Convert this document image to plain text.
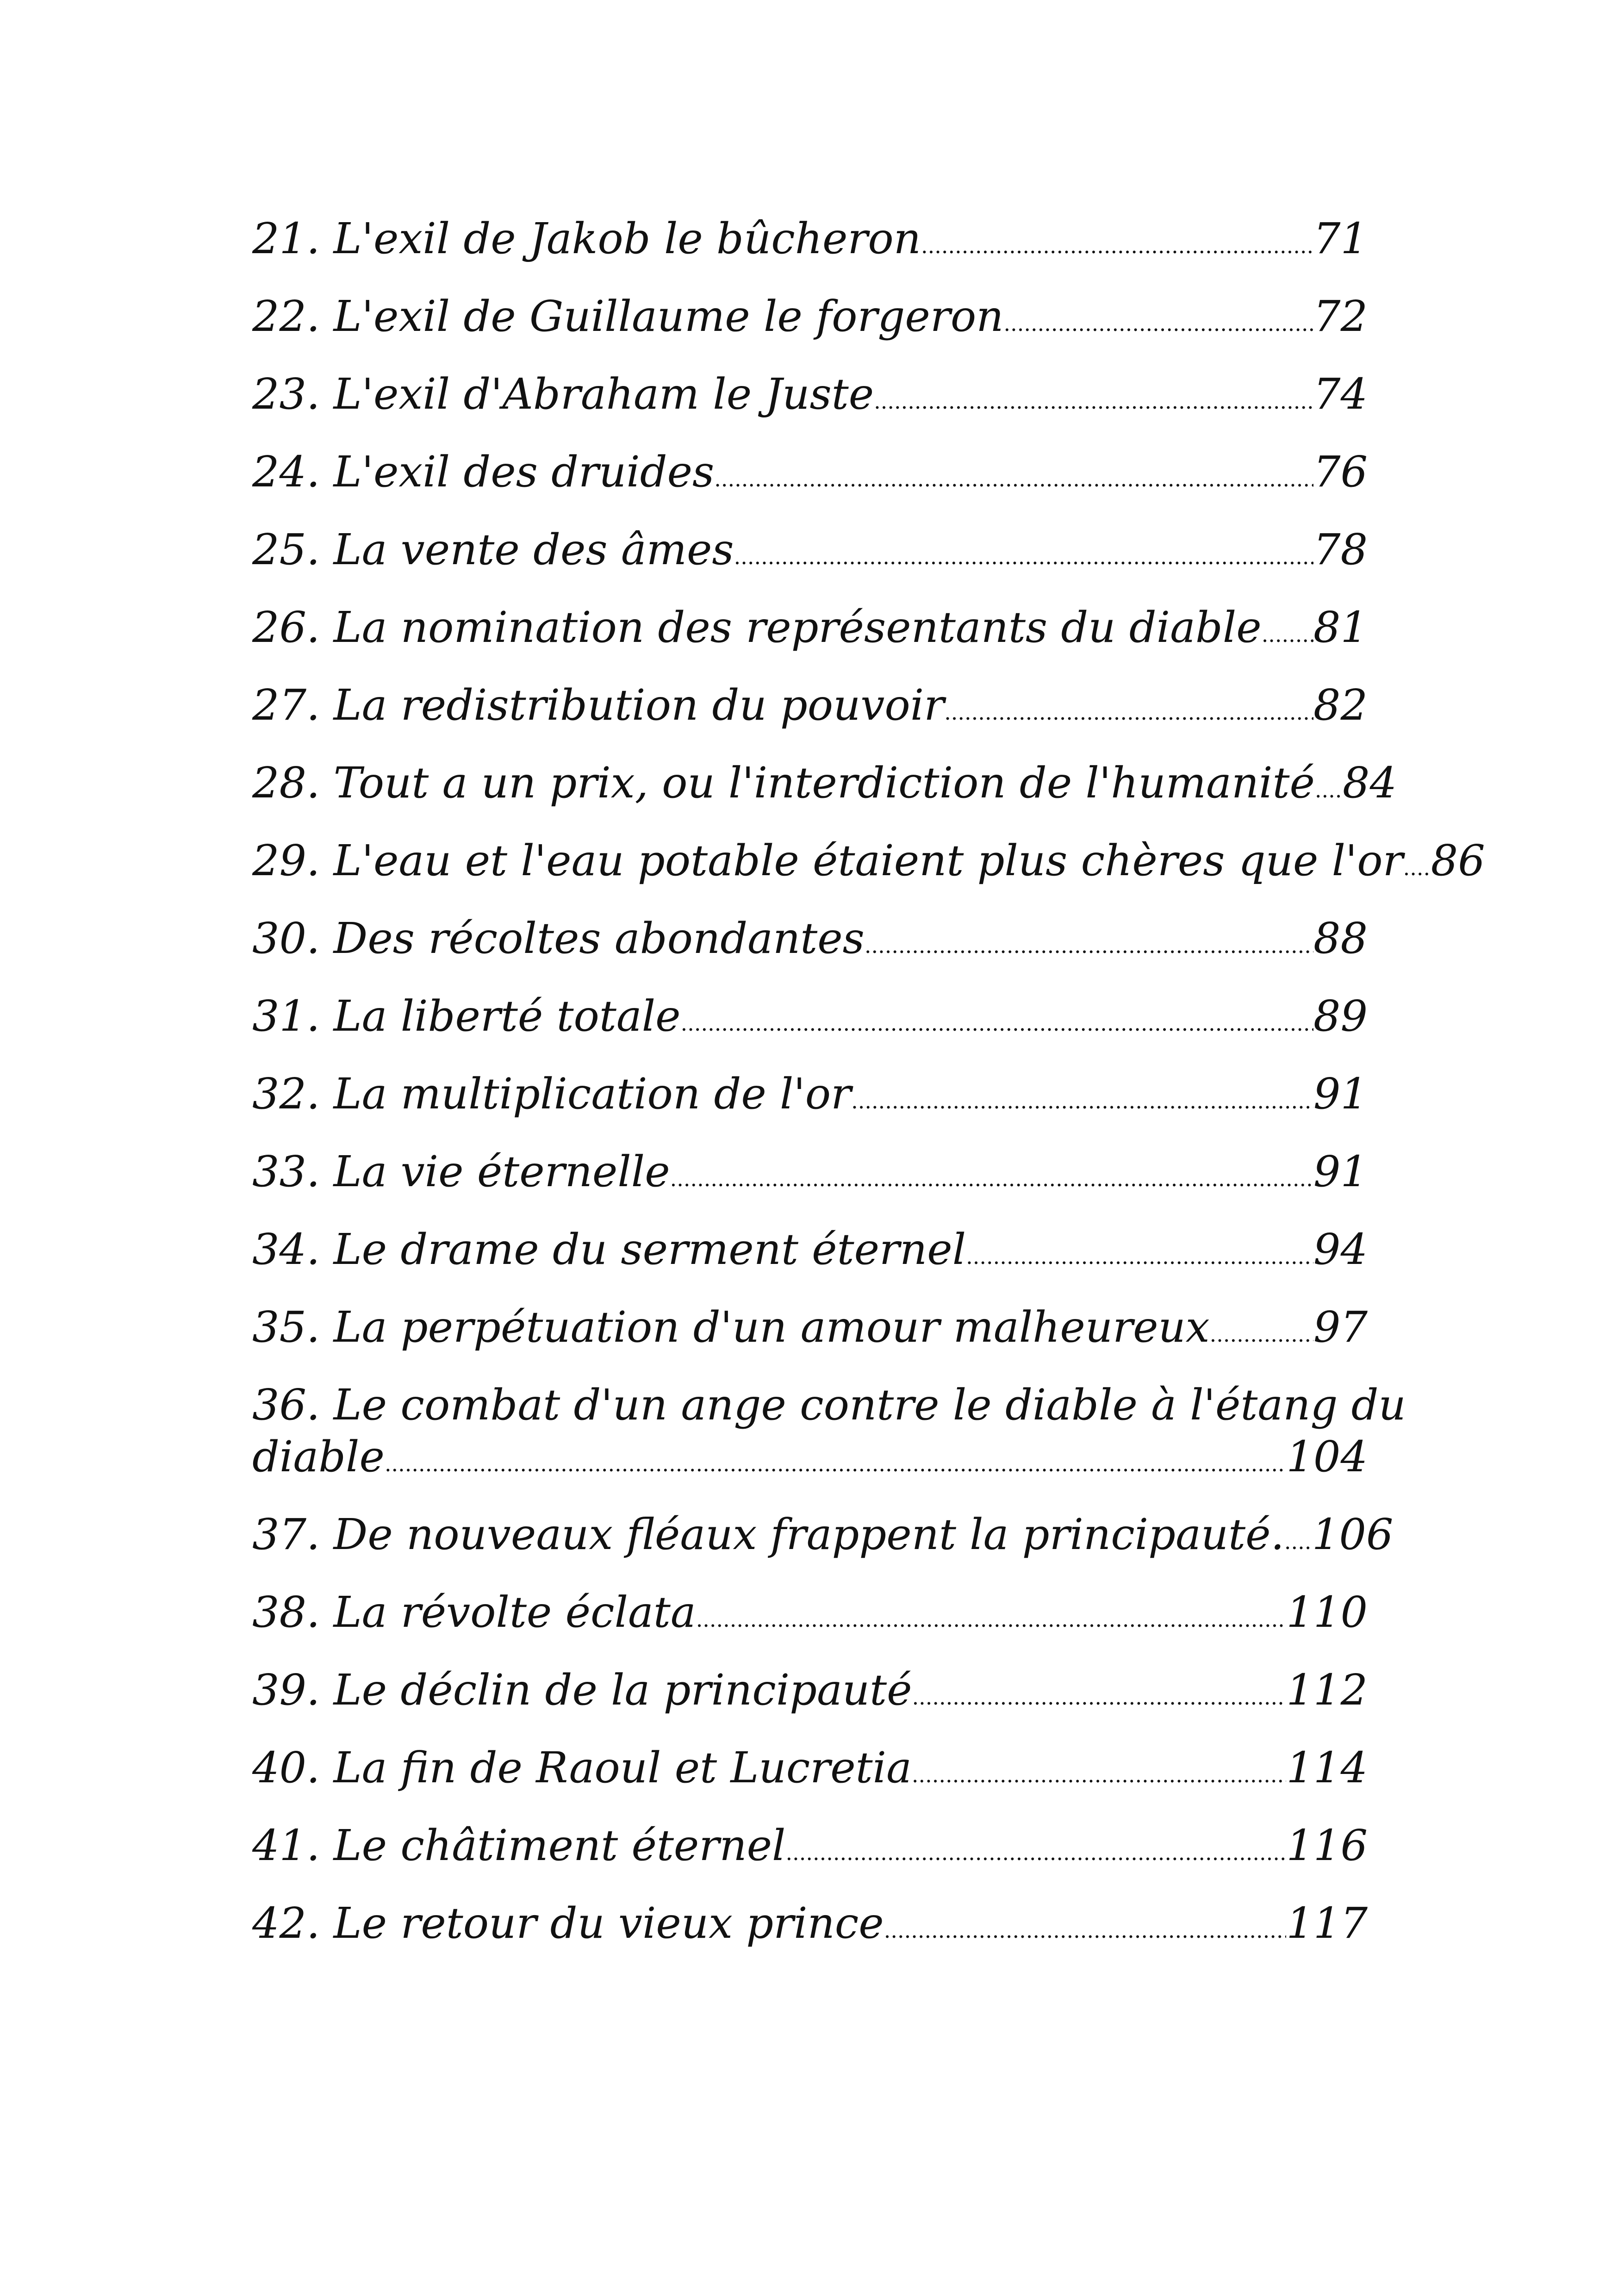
21. L'exil de Jakob le bûcheron .....	71
22. L'exil de Guillaume le forgeron .....	72
23. L'exil d'Abraham le Juste .....	74
24. L'exil des druides .....	76
25. La vente des âmes .....	78
26. La nomination des représentants du diable ..... 81
27. La redistribution du pouvoir .....	82
28. Tout a un prix, ou l'interdiction de l'humanité ..... 84
29. L'eau et l'eau potable étaient plus chères que l'or ..... 86
30. Des récoltes abondantes .....	88
31. La liberté totale .....	89
32. La multiplication de l'or .....	91
33. La vie éternelle .....	91
34. Le drame du serment éternel .....	94
35. La perpétuation d'un amour malheureux ..... 97
36. Le combat d'un ange contre le diable à l'étang du
diable .....	104
37. De nouveaux fléaux frappent la principauté. ..... 106
38. La révolte éclata .....	110
39. Le déclin de la principauté .....	112
40. La fin de Raoul et Lucretia .....	114
41. Le châtiment éternel .....	116
42. Le retour du vieux prince .....	117
